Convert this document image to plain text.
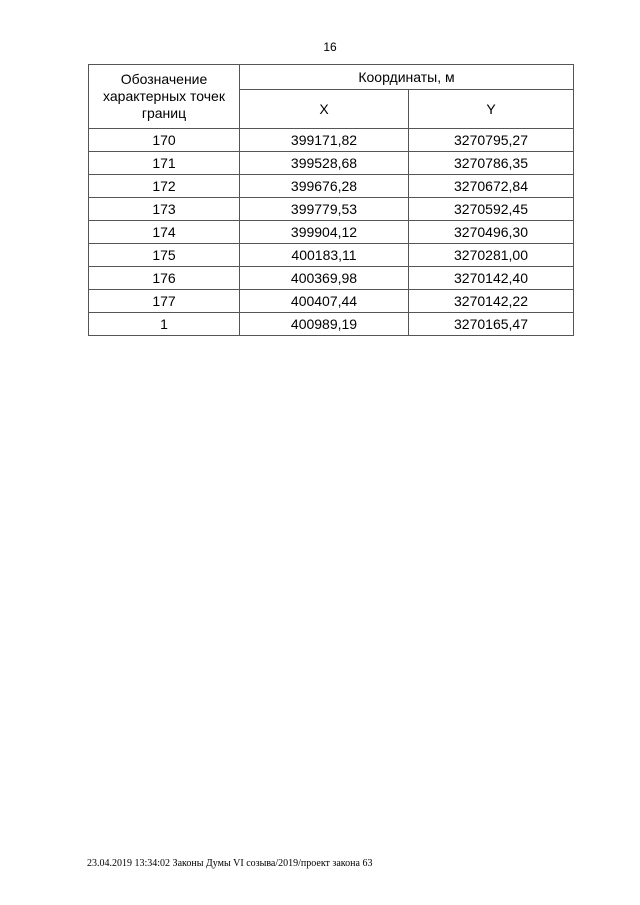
16
Обозначение характерных точек границ	Координаты, м	
	X	Y
170	399171,82	3270795,27
171	399528,68	3270786,35
172	399676,28	3270672,84
173	399779,53	3270592,45
174	399904,12	3270496,30
175	400183,11	3270281,00
176	400369,98	3270142,40
177	400407,44	3270142,22
1	400989,19	3270165,47
23.04.2019 13:34:02 Законы Думы VI созыва/2019/проект закона 63
